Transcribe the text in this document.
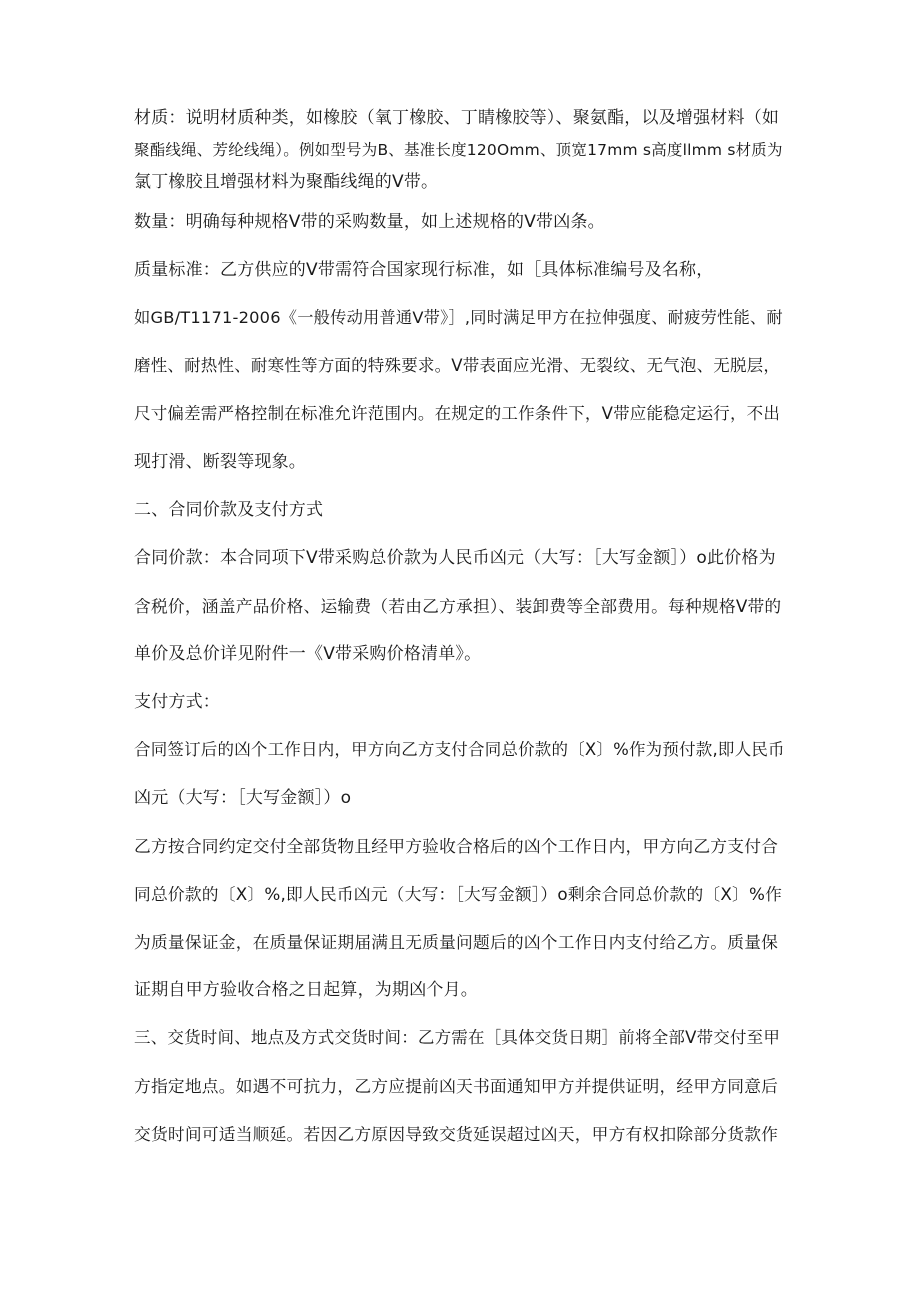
材质：说明材质种类，如橡胶（氧丁橡胶、丁睛橡胶等）、聚氨酯，以及增强材料（如
聚酯线绳、芳纶线绳）。例如型号为B、基准长度120Omm、顶宽17mm s高度llmm s材质为
氯丁橡胶且增强材料为聚酯线绳的V带。
数量：明确每种规格V带的采购数量，如上述规格的V带凶条。
质量标准：乙方供应的V带需符合国家现行标准，如［具体标准编号及名称，
如GB/T1171-2006《一般传动用普通V带》］,同时满足甲方在拉伸强度、耐疲劳性能、耐
磨性、耐热性、耐寒性等方面的特殊要求。V带表面应光滑、无裂纹、无气泡、无脱层，
尺寸偏差需严格控制在标准允许范围内。在规定的工作条件下，V带应能稳定运行，不出
现打滑、断裂等现象。
二、合同价款及支付方式
合同价款：本合同项下V带采购总价款为人民币凶元（大写：［大写金额］）o此价格为
含税价，涵盖产品价格、运输费（若由乙方承担）、装卸费等全部费用。每种规格V带的
单价及总价详见附件一《V带采购价格清单》。
支付方式：
合同签订后的凶个工作日内，甲方向乙方支付合同总价款的〔X〕%作为预付款,即人民币
凶元（大写：［大写金额］）o
乙方按合同约定交付全部货物且经甲方验收合格后的凶个工作日内，甲方向乙方支付合
同总价款的〔X〕%,即人民币凶元（大写：［大写金额］）o剩余合同总价款的〔X〕%作
为质量保证金，在质量保证期届满且无质量问题后的凶个工作日内支付给乙方。质量保
证期自甲方验收合格之日起算，为期凶个月。
三、交货时间、地点及方式交货时间：乙方需在［具体交货日期］前将全部V带交付至甲
方指定地点。如遇不可抗力，乙方应提前凶天书面通知甲方并提供证明，经甲方同意后
交货时间可适当顺延。若因乙方原因导致交货延误超过凶天，甲方有权扣除部分货款作
